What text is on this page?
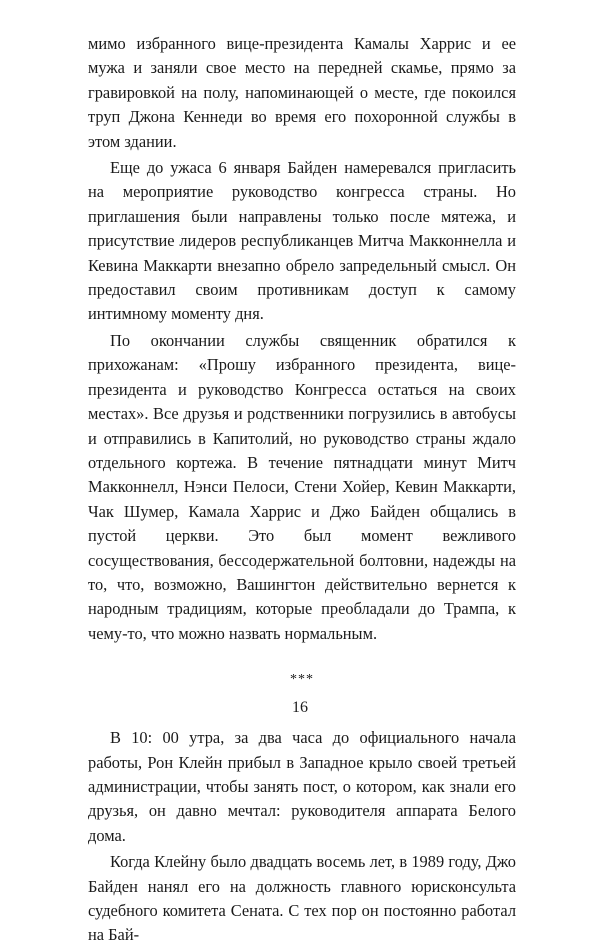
мимо избранного вице-президента Камалы Харрис и ее мужа и заняли свое место на передней скамье, прямо за гравировкой на полу, напоминающей о месте, где покоился труп Джона Кеннеди во время его похоронной службы в этом здании.

Еще до ужаса 6 января Байден намеревался пригласить на мероприятие руководство конгресса страны. Но приглашения были направлены только после мятежа, и присутствие лидеров республиканцев Митча Макконнелла и Кевина Маккарти внезапно обрело запредельный смысл. Он предоставил своим противникам доступ к самому интимному моменту дня.

По окончании службы священник обратился к прихожанам: «Прошу избранного президента, вице-президента и руководство Конгресса остаться на своих местах». Все друзья и родственники погрузились в автобусы и отправились в Капитолий, но руководство страны ждало отдельного кортежа. В течение пятнадцати минут Митч Макконнелл, Нэнси Пелоси, Стени Хойер, Кевин Маккарти, Чак Шумер, Камала Харрис и Джо Байден общались в пустой церкви. Это был момент вежливого сосуществования, бессодержательной болтовни, надежды на то, что, возможно, Вашингтон действительно вернется к народным традициям, которые преобладали до Трампа, к чему-то, что можно назвать нормальным.

***

В 10: 00 утра, за два часа до официального начала работы, Рон Клейн прибыл в Западное крыло своей третьей администрации, чтобы занять пост, о котором, как знали его друзья, он давно мечтал: руководителя аппарата Белого дома.

Когда Клейну было двадцать восемь лет, в 1989 году, Джо Байден нанял его на должность главного юрисконсульта судебного комитета Сената. С тех пор он постоянно работал на Бай-

16
